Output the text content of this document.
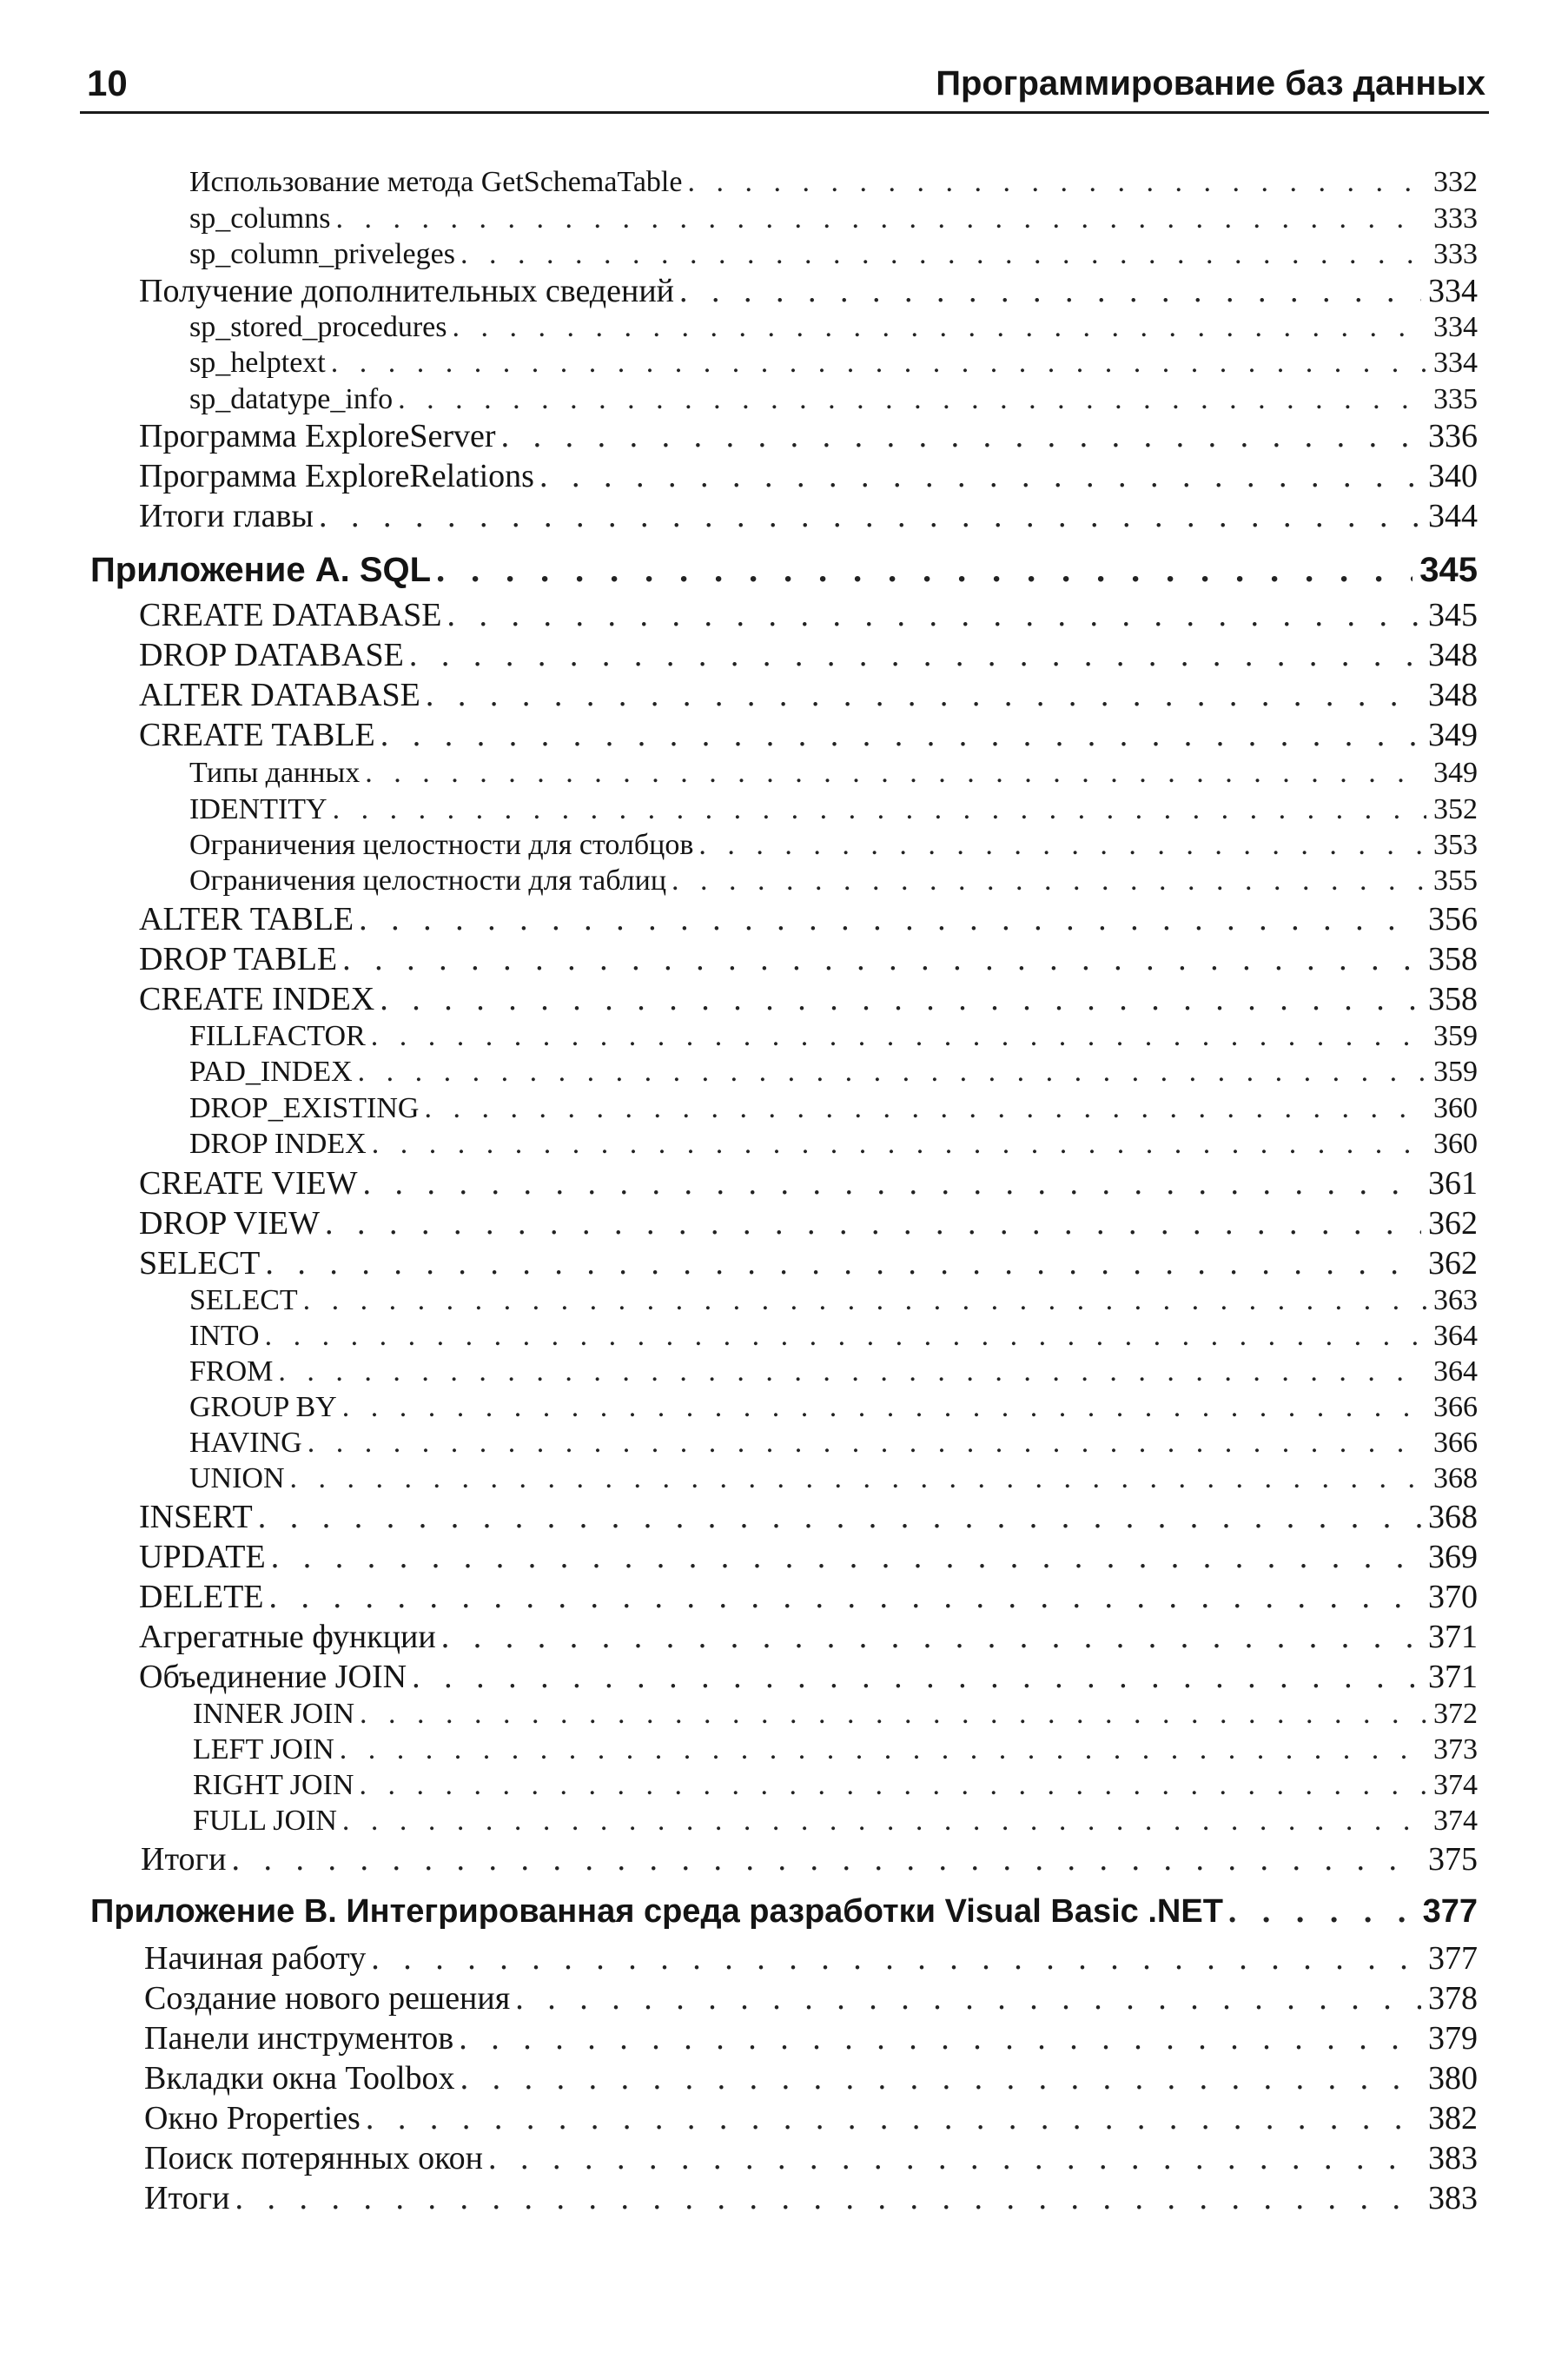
10	Программирование баз данных
Использование метода GetSchemaTable . . .	332
sp_columns . . .	333
sp_column_priveleges . . .	333
Получение дополнительных сведений . . .	334
sp_stored_procedures . . .	334
sp_helptext . . .	334
sp_datatype_info . . .	335
Программа ExploreServer . . .	336
Программа ExploreRelations . . .	340
Итоги главы . . .	344
Приложение А. SQL . . .	345
CREATE DATABASE . . .	345
DROP DATABASE . . .	348
ALTER DATABASE . . .	348
CREATE TABLE . . .	349
Типы данных . . .	349
IDENTITY . . .	352
Ограничения целостности для столбцов . . .	353
Ограничения целостности для таблиц . . .	355
ALTER TABLE . . .	356
DROP TABLE . . .	358
CREATE INDEX . . .	358
FILLFACTOR . . .	359
PAD_INDEX . . .	359
DROP_EXISTING . . .	360
DROP INDEX . . .	360
CREATE VIEW . . .	361
DROP VIEW . . .	362
SELECT . . .	362
SELECT . . .	363
INTO . . .	364
FROM . . .	364
GROUP BY . . .	366
HAVING . . .	366
UNION . . .	368
INSERT . . .	368
UPDATE . . .	369
DELETE . . .	370
Агрегатные функции . . .	371
Объединение JOIN . . .	371
INNER JOIN . . .	372
LEFT JOIN . . .	373
RIGHT JOIN . . .	374
FULL JOIN . . .	374
Итоги . . .	375
Приложение В. Интегрированная среда разработки Visual Basic .NET . . .	377
Начиная работу . . .	377
Создание нового решения . . .	378
Панели инструментов . . .	379
Вкладки окна Toolbox . . .	380
Окно Properties . . .	382
Поиск потерянных окон . . .	383
Итоги . . .	383
